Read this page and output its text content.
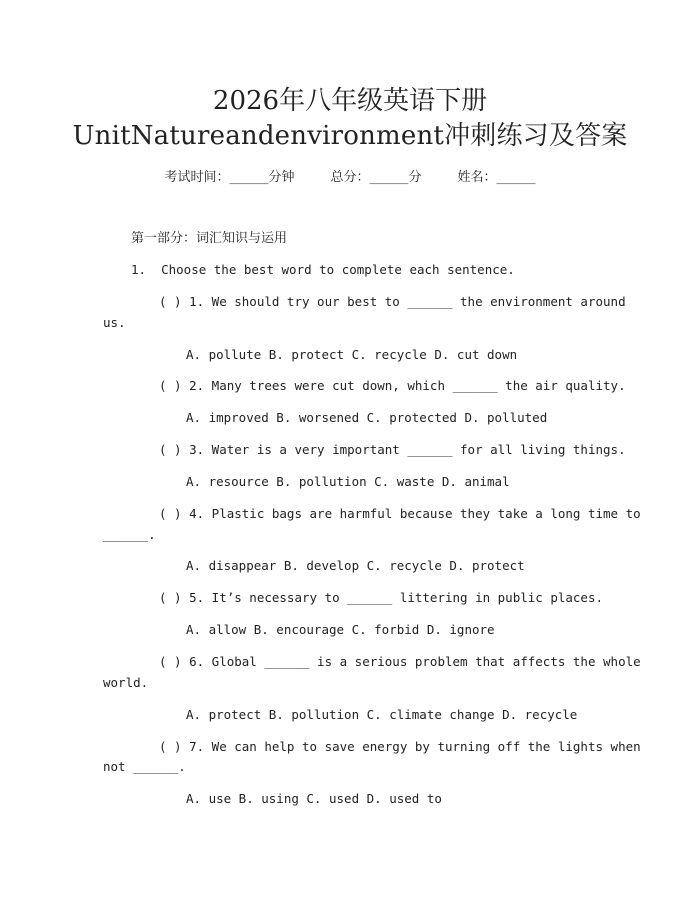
2026年八年级英语下册
UnitNatureandenvironment冲刺练习及答案
考试时间：______分钟	总分：______分	姓名：______
第一部分：词汇知识与运用
1.  Choose the best word to complete each sentence.
( ) 1. We should try our best to ______ the environment around
us.
A. pollute B. protect C. recycle D. cut down
( ) 2. Many trees were cut down, which ______ the air quality.
A. improved B. worsened C. protected D. polluted
( ) 3. Water is a very important ______ for all living things.
A. resource B. pollution C. waste D. animal
( ) 4. Plastic bags are harmful because they take a long time to
______.
A. disappear B. develop C. recycle D. protect
( ) 5. It’s necessary to ______ littering in public places.
A. allow B. encourage C. forbid D. ignore
( ) 6. Global ______ is a serious problem that affects the whole
world.
A. protect B. pollution C. climate change D. recycle
( ) 7. We can help to save energy by turning off the lights when
not ______.
A. use B. using C. used D. used to
